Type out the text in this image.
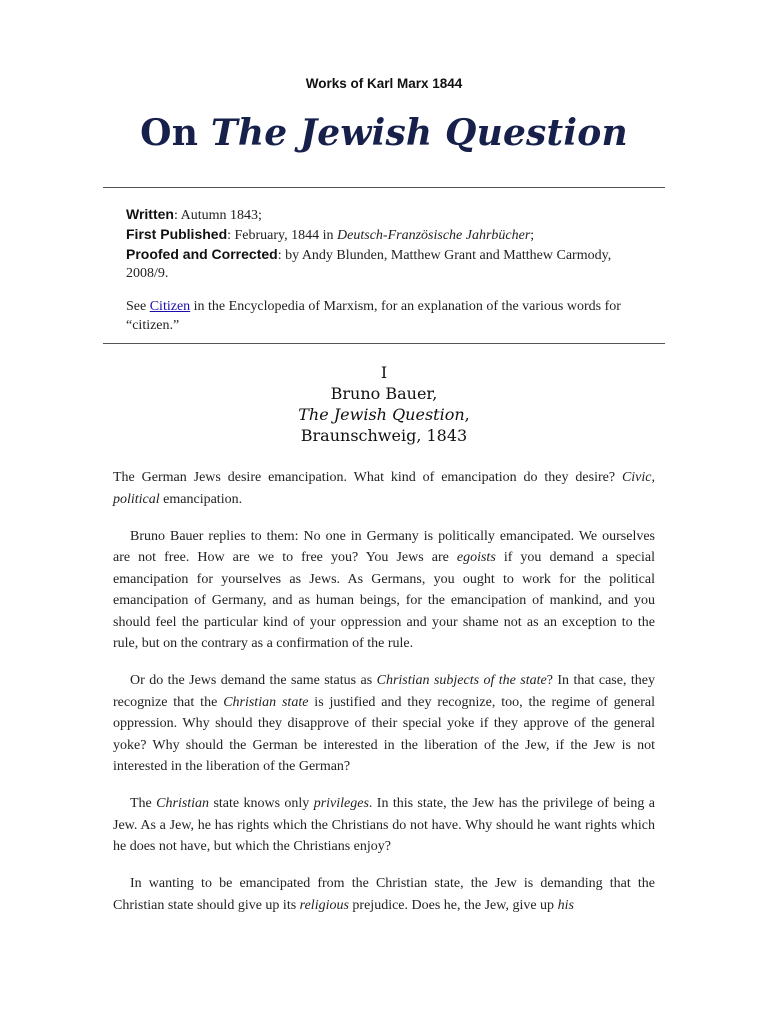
Works of Karl Marx 1844
On The Jewish Question

Written: Autumn 1843;

First Published: February, 1844 in Deutsch-Französische Jahrbücher;

Proofed and Corrected: by Andy Blunden, Matthew Grant and Matthew Carmody, 2008/9.

See Citizen in the Encyclopedia of Marxism, for an explanation of the various words for “citizen.”

I
Bruno Bauer,
The Jewish Question,
Braunschweig, 1843

The German Jews desire emancipation. What kind of emancipation do they desire? Civic, political emancipation.

Bruno Bauer replies to them: No one in Germany is politically emancipated. We ourselves are not free. How are we to free you? You Jews are egoists if you demand a special emancipation for yourselves as Jews. As Germans, you ought to work for the political emancipation of Germany, and as human beings, for the emancipation of mankind, and you should feel the particular kind of your oppression and your shame not as an exception to the rule, but on the contrary as a confirmation of the rule.

Or do the Jews demand the same status as Christian subjects of the state? In that case, they recognize that the Christian state is justified and they recognize, too, the regime of general oppression. Why should they disapprove of their special yoke if they approve of the general yoke? Why should the German be interested in the liberation of the Jew, if the Jew is not interested in the liberation of the German?

The Christian state knows only privileges. In this state, the Jew has the privilege of being a Jew. As a Jew, he has rights which the Christians do not have. Why should he want rights which he does not have, but which the Christians enjoy?

In wanting to be emancipated from the Christian state, the Jew is demanding that the Christian state should give up its religious prejudice. Does he, the Jew, give up his
